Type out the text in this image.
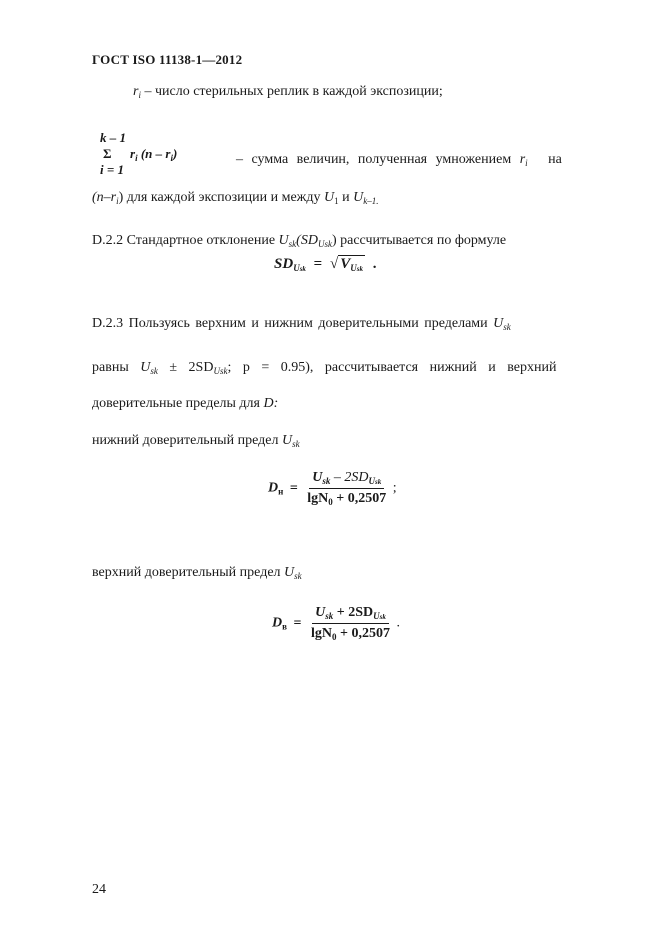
ГОСТ ISO 11138-1—2012
$r_i$ – число стерильных реплик в каждой экспозиции;
k – 1
Σ $r_i$ $(n - r_i)$
i = 1
– сумма величин, полученная умножением $r_i$ на
$(n-r_i)$ для каждой экспозиции и между $U_1$ и $U_{k-1.}$
D.2.2 Стандартное отклонение $U_{sk}(SD_{Usk})$ рассчитывается по формуле
$SD_{Usk}$ = √ $V_{Usk}$ .
D.2.3 Пользуясь верхним и нижним доверительными пределами $U_{sk}$
равны $U_{sk} \pm 2SD_{Usk}$; p = 0.95), рассчитывается нижний и верхний
доверительные пределы для D:
нижний доверительный предел $U_{sk}$
$D_н = \frac{U_{sk} - 2SD_{Usk}}{\lg N_0 + 0,2507}$ ;
верхний доверительный предел $U_{sk}$
$D_в = \frac{U_{sk} + 2SD_{Usk}}{\lg N_0 + 0,2507}$ .
24
